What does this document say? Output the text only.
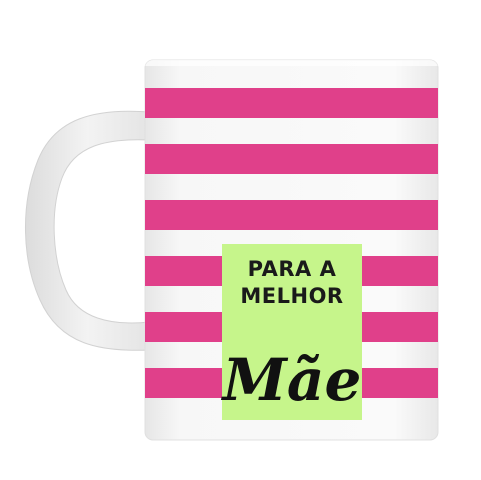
PARA A
MELHOR
Mãe
